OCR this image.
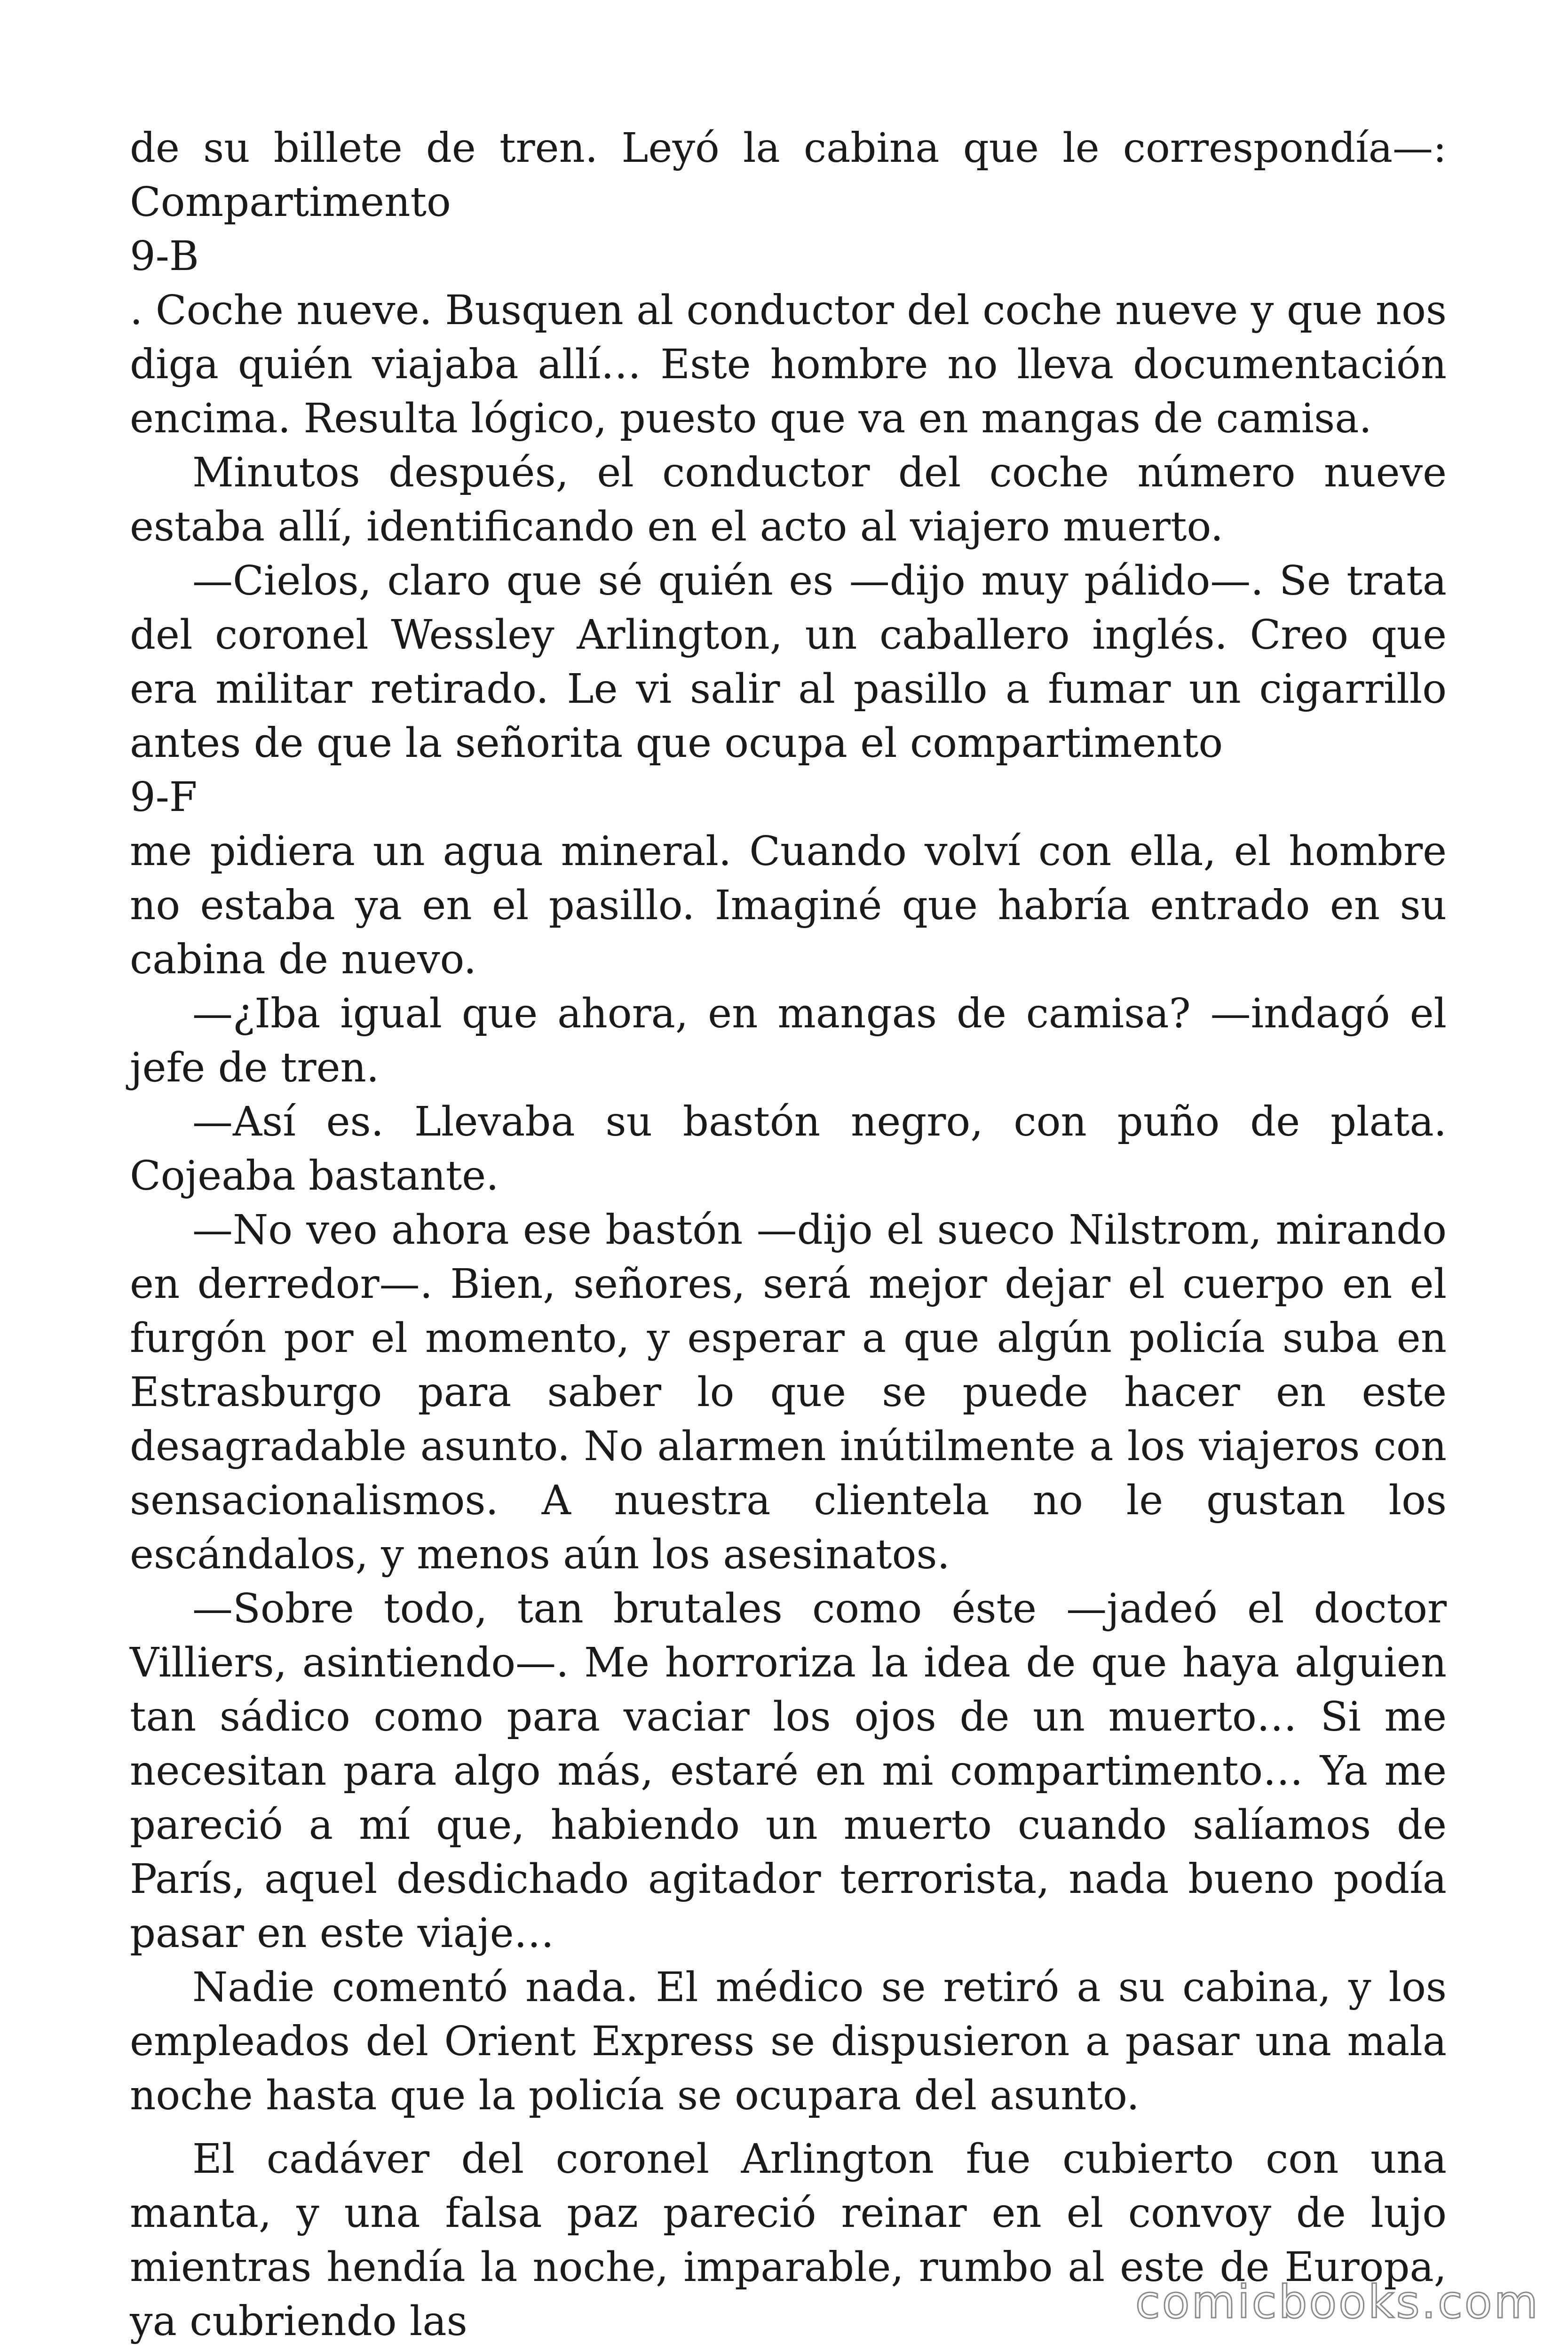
de su billete de tren. Leyó la cabina que le correspondía—: Compartimento

9-B

. Coche nueve. Busquen al conductor del coche nueve y que nos diga quién viajaba allí… Este hombre no lleva documentación encima. Resulta lógico, puesto que va en mangas de camisa.

Minutos después, el conductor del coche número nueve estaba allí, identificando en el acto al viajero muerto.

—Cielos, claro que sé quién es —dijo muy pálido—. Se trata del coronel Wessley Arlington, un caballero inglés. Creo que era militar retirado. Le vi salir al pasillo a fumar un cigarrillo antes de que la señorita que ocupa el compartimento

9-F

me pidiera un agua mineral. Cuando volví con ella, el hombre no estaba ya en el pasillo. Imaginé que habría entrado en su cabina de nuevo.

—¿Iba igual que ahora, en mangas de camisa? —indagó el jefe de tren.

—Así es. Llevaba su bastón negro, con puño de plata. Cojeaba bastante.

—No veo ahora ese bastón —dijo el sueco Nilstrom, mirando en derredor—. Bien, señores, será mejor dejar el cuerpo en el furgón por el momento, y esperar a que algún policía suba en Estrasburgo para saber lo que se puede hacer en este desagradable asunto. No alarmen inútilmente a los viajeros con sensacionalismos. A nuestra clientela no le gustan los escándalos, y menos aún los asesinatos.

—Sobre todo, tan brutales como éste —jadeó el doctor Villiers, asintiendo—. Me horroriza la idea de que haya alguien tan sádico como para vaciar los ojos de un muerto… Si me necesitan para algo más, estaré en mi compartimento… Ya me pareció a mí que, habiendo un muerto cuando salíamos de París, aquel desdichado agitador terrorista, nada bueno podía pasar en este viaje…

Nadie comentó nada. El médico se retiró a su cabina, y los empleados del Orient Express se dispusieron a pasar una mala noche hasta que la policía se ocupara del asunto.

El cadáver del coronel Arlington fue cubierto con una manta, y una falsa paz pareció reinar en el convoy de lujo mientras hendía la noche, imparable, rumbo al este de Europa, ya cubriendo las	comicbooks.com
